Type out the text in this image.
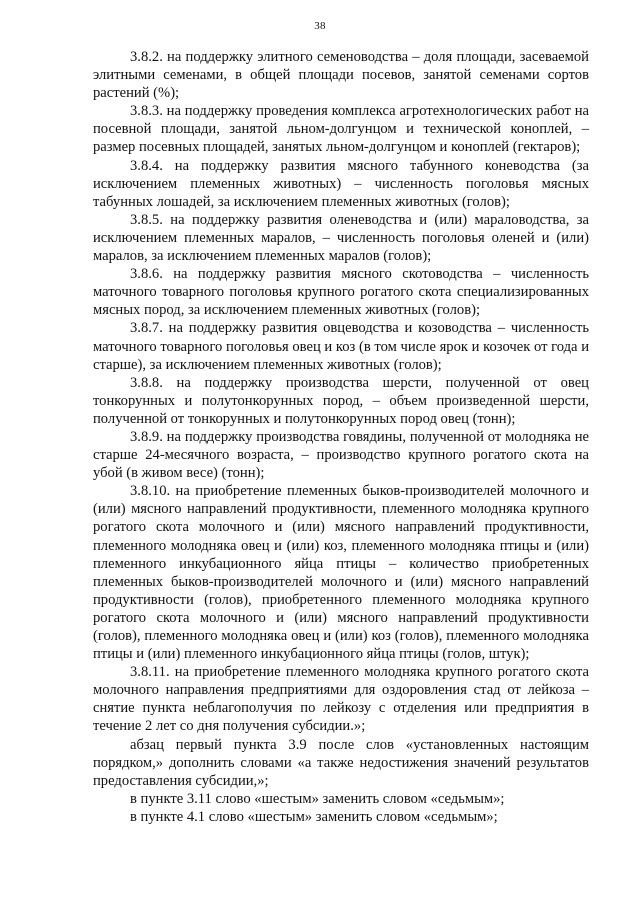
38

3.8.2. на поддержку элитного семеноводства – доля площади, засеваемой элитными семенами, в общей площади посевов, занятой семенами сортов растений (%);

3.8.3. на поддержку проведения комплекса агротехнологических работ на посевной площади, занятой льном-долгунцом и технической коноплей, – размер посевных площадей, занятых льном-долгунцом и коноплей (гектаров);

3.8.4. на поддержку развития мясного табунного коневодства (за исключением племенных животных) – численность поголовья мясных табунных лошадей, за исключением племенных животных (голов);

3.8.5. на поддержку развития оленеводства и (или) мараловодства, за исключением племенных маралов, – численность поголовья оленей и (или) маралов, за исключением племенных маралов (голов);

3.8.6. на поддержку развития мясного скотоводства – численность маточного товарного поголовья крупного рогатого скота специализированных мясных пород, за исключением племенных животных (голов);

3.8.7. на поддержку развития овцеводства и козоводства – численность маточного товарного поголовья овец и коз (в том числе ярок и козочек от года и старше), за исключением племенных животных (голов);

3.8.8. на поддержку производства шерсти, полученной от овец тонкорунных и полутонкорунных пород, – объем произведенной шерсти, полученной от тонкорунных и полутонкорунных пород овец (тонн);

3.8.9. на поддержку производства говядины, полученной от молодняка не старше 24-месячного возраста, – производство крупного рогатого скота на убой (в живом весе) (тонн);

3.8.10. на приобретение племенных быков-производителей молочного и (или) мясного направлений продуктивности, племенного молодняка крупного рогатого скота молочного и (или) мясного направлений продуктивности, племенного молодняка овец и (или) коз, племенного молодняка птицы и (или) племенного инкубационного яйца птицы – количество приобретенных племенных быков-производителей молочного и (или) мясного направлений продуктивности (голов), приобретенного племенного молодняка крупного рогатого скота молочного и (или) мясного направлений продуктивности (голов), племенного молодняка овец и (или) коз (голов), племенного молодняка птицы и (или) племенного инкубационного яйца птицы (голов, штук);

3.8.11. на приобретение племенного молодняка крупного рогатого скота молочного направления предприятиями для оздоровления стад от лейкоза – снятие пункта неблагополучия по лейкозу с отделения или предприятия в течение 2 лет со дня получения субсидии.»;

абзац первый пункта 3.9 после слов «установленных настоящим порядком,» дополнить словами «а также недостижения значений результатов предоставления субсидии,»;

в пункте 3.11 слово «шестым» заменить словом «седьмым»;

в пункте 4.1 слово «шестым» заменить словом «седьмым»;
